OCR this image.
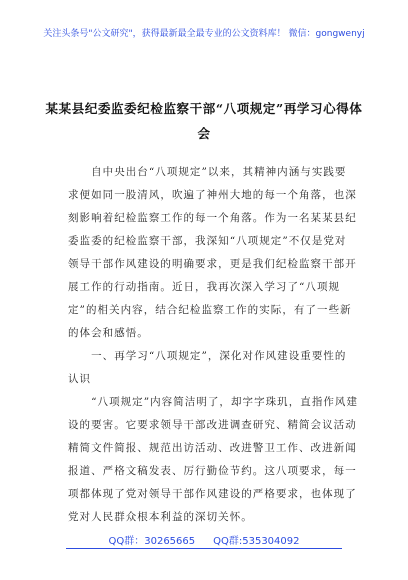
关注头条号"公文研究"，获得最新最全最专业的公文资料库！ 微信：gongwenyj
某某县纪委监委纪检监察干部“八项规定”再学习心得体
会
　　自中央出台“八项规定”以来，其精神内涵与实践要
求便如同一股清风，吹遍了神州大地的每一个角落，也深
刻影响着纪检监察工作的每一个角落。作为一名某某县纪
委监委的纪检监察干部，我深知“八项规定”不仅是党对
领导干部作风建设的明确要求，更是我们纪检监察干部开
展工作的行动指南。近日，我再次深入学习了“八项规
定”的相关内容，结合纪检监察工作的实际，有了一些新
的体会和感悟。
　　一、再学习“八项规定”，深化对作风建设重要性的
认识
　　“八项规定”内容简洁明了，却字字珠玑，直指作风建
设的要害。它要求领导干部改进调查研究、精简会议活动
精简文件简报、规范出访活动、改进警卫工作、改进新闻
报道、严格文稿发表、厉行勤俭节约。这八项要求，每一
项都体现了党对领导干部作风建设的严格要求，也体现了
党对人民群众根本利益的深切关怀。
QQ群：30265665 QQ群:535304092
